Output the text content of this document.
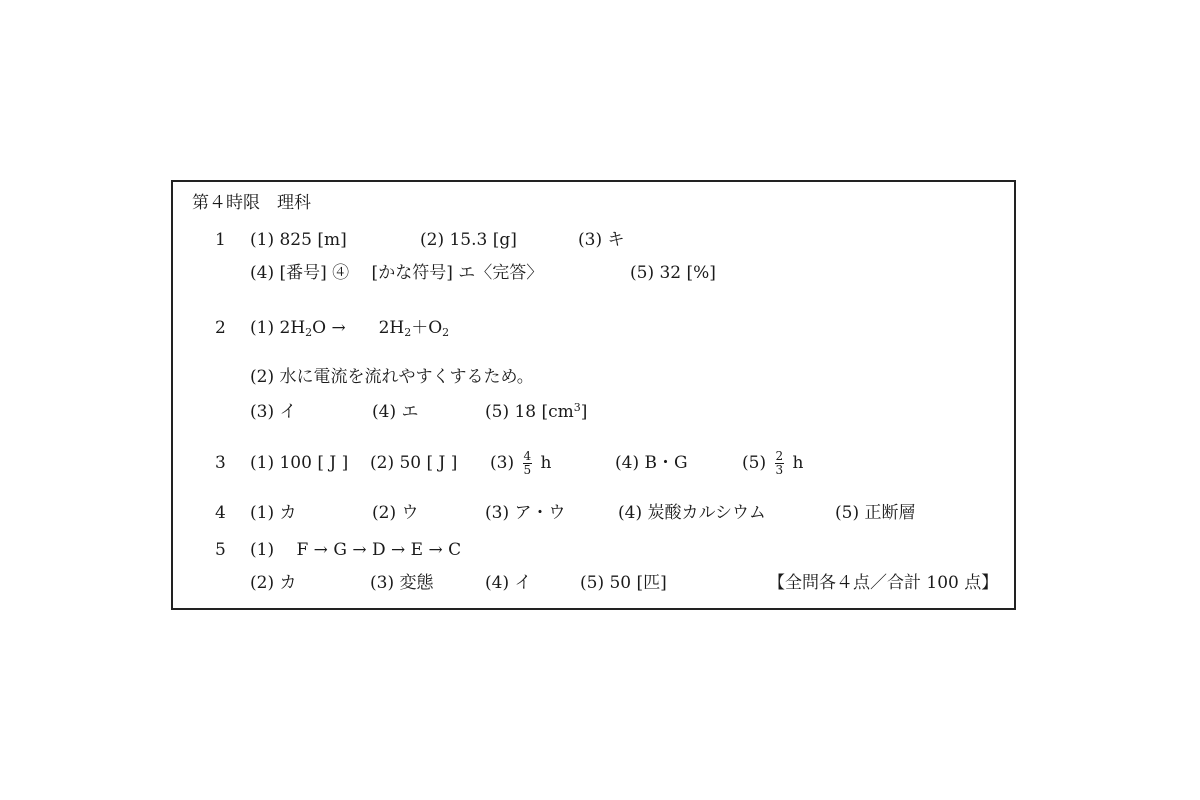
第４時限　理科
1 (1) 825 [m]	(2) 15.3 [g]	(3) キ
(4) [番号] ④　 [かな符号] エ〈完答〉	(5) 32 [%]
2 (1) $2H_2O \to 2H_2+O_2$
(2) 水に電流を流れやすくするため。
(3) イ	(4) エ	(5) 18 $[cm^3]$
3 (1) 100 [ J ] (2) 50 [ J ] $(3) \frac{4}{5}$ h	(4) B・G	$(5) \frac{2}{3}$ h
4 (1) カ	(2) ウ	(3) ア・ウ	(4) 炭酸カルシウム	(5) 正断層
5 (1)　 F → G → D → E → C
(2) カ	(3) 変態	(4) イ	(5) 50 [匹]	【全問各４点／合計 100 点】
